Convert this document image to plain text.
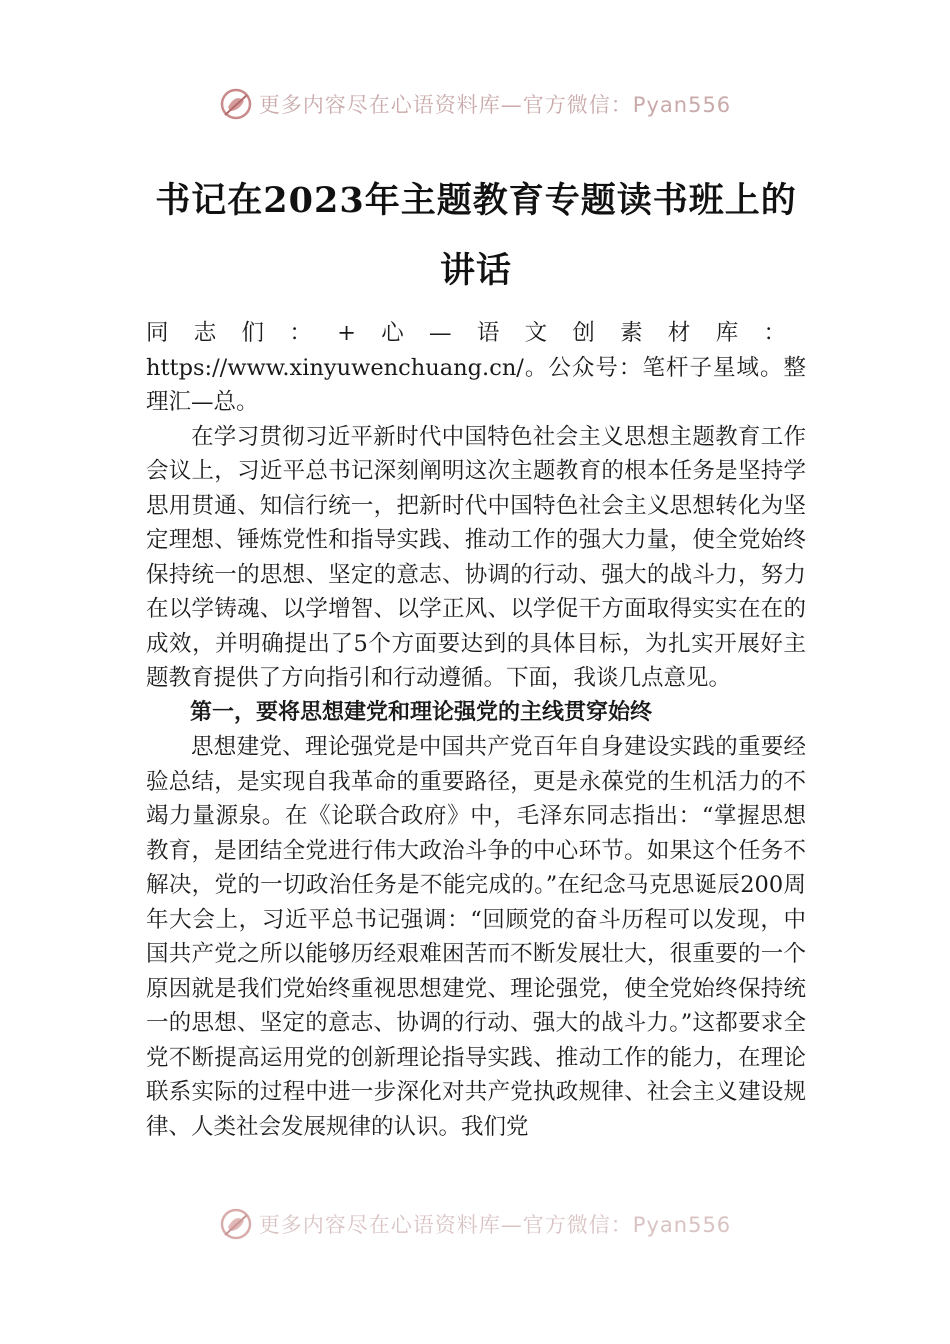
更多内容尽在心语资料库—官方微信：Pyan556
书记在2023年主题教育专题读书班上的讲话

同志们：+心—语文创素材库：https://www.xinyuwenchuang.cn/。公众号：笔杆子星域。整理汇—总。

在学习贯彻习近平新时代中国特色社会主义思想主题教育工作会议上，习近平总书记深刻阐明这次主题教育的根本任务是坚持学思用贯通、知信行统一，把新时代中国特色社会主义思想转化为坚定理想、锤炼党性和指导实践、推动工作的强大力量，使全党始终保持统一的思想、坚定的意志、协调的行动、强大的战斗力，努力在以学铸魂、以学增智、以学正风、以学促干方面取得实实在在的成效，并明确提出了5个方面要达到的具体目标，为扎实开展好主题教育提供了方向指引和行动遵循。下面，我谈几点意见。

第一，要将思想建党和理论强党的主线贯穿始终

思想建党、理论强党是中国共产党百年自身建设实践的重要经验总结，是实现自我革命的重要路径，更是永葆党的生机活力的不竭力量源泉。在《论联合政府》中，毛泽东同志指出：“掌握思想教育，是团结全党进行伟大政治斗争的中心环节。如果这个任务不解决，党的一切政治任务是不能完成的。”在纪念马克思诞辰200周年大会上，习近平总书记强调：“回顾党的奋斗历程可以发现，中国共产党之所以能够历经艰难困苦而不断发展壮大，很重要的一个原因就是我们党始终重视思想建党、理论强党，使全党始终保持统一的思想、坚定的意志、协调的行动、强大的战斗力。”这都要求全党不断提高运用党的创新理论指导实践、推动工作的能力，在理论联系实际的过程中进一步深化对共产党执政规律、社会主义建设规律、人类社会发展规律的认识。我们党

更多内容尽在心语资料库—官方微信：Pyan556
